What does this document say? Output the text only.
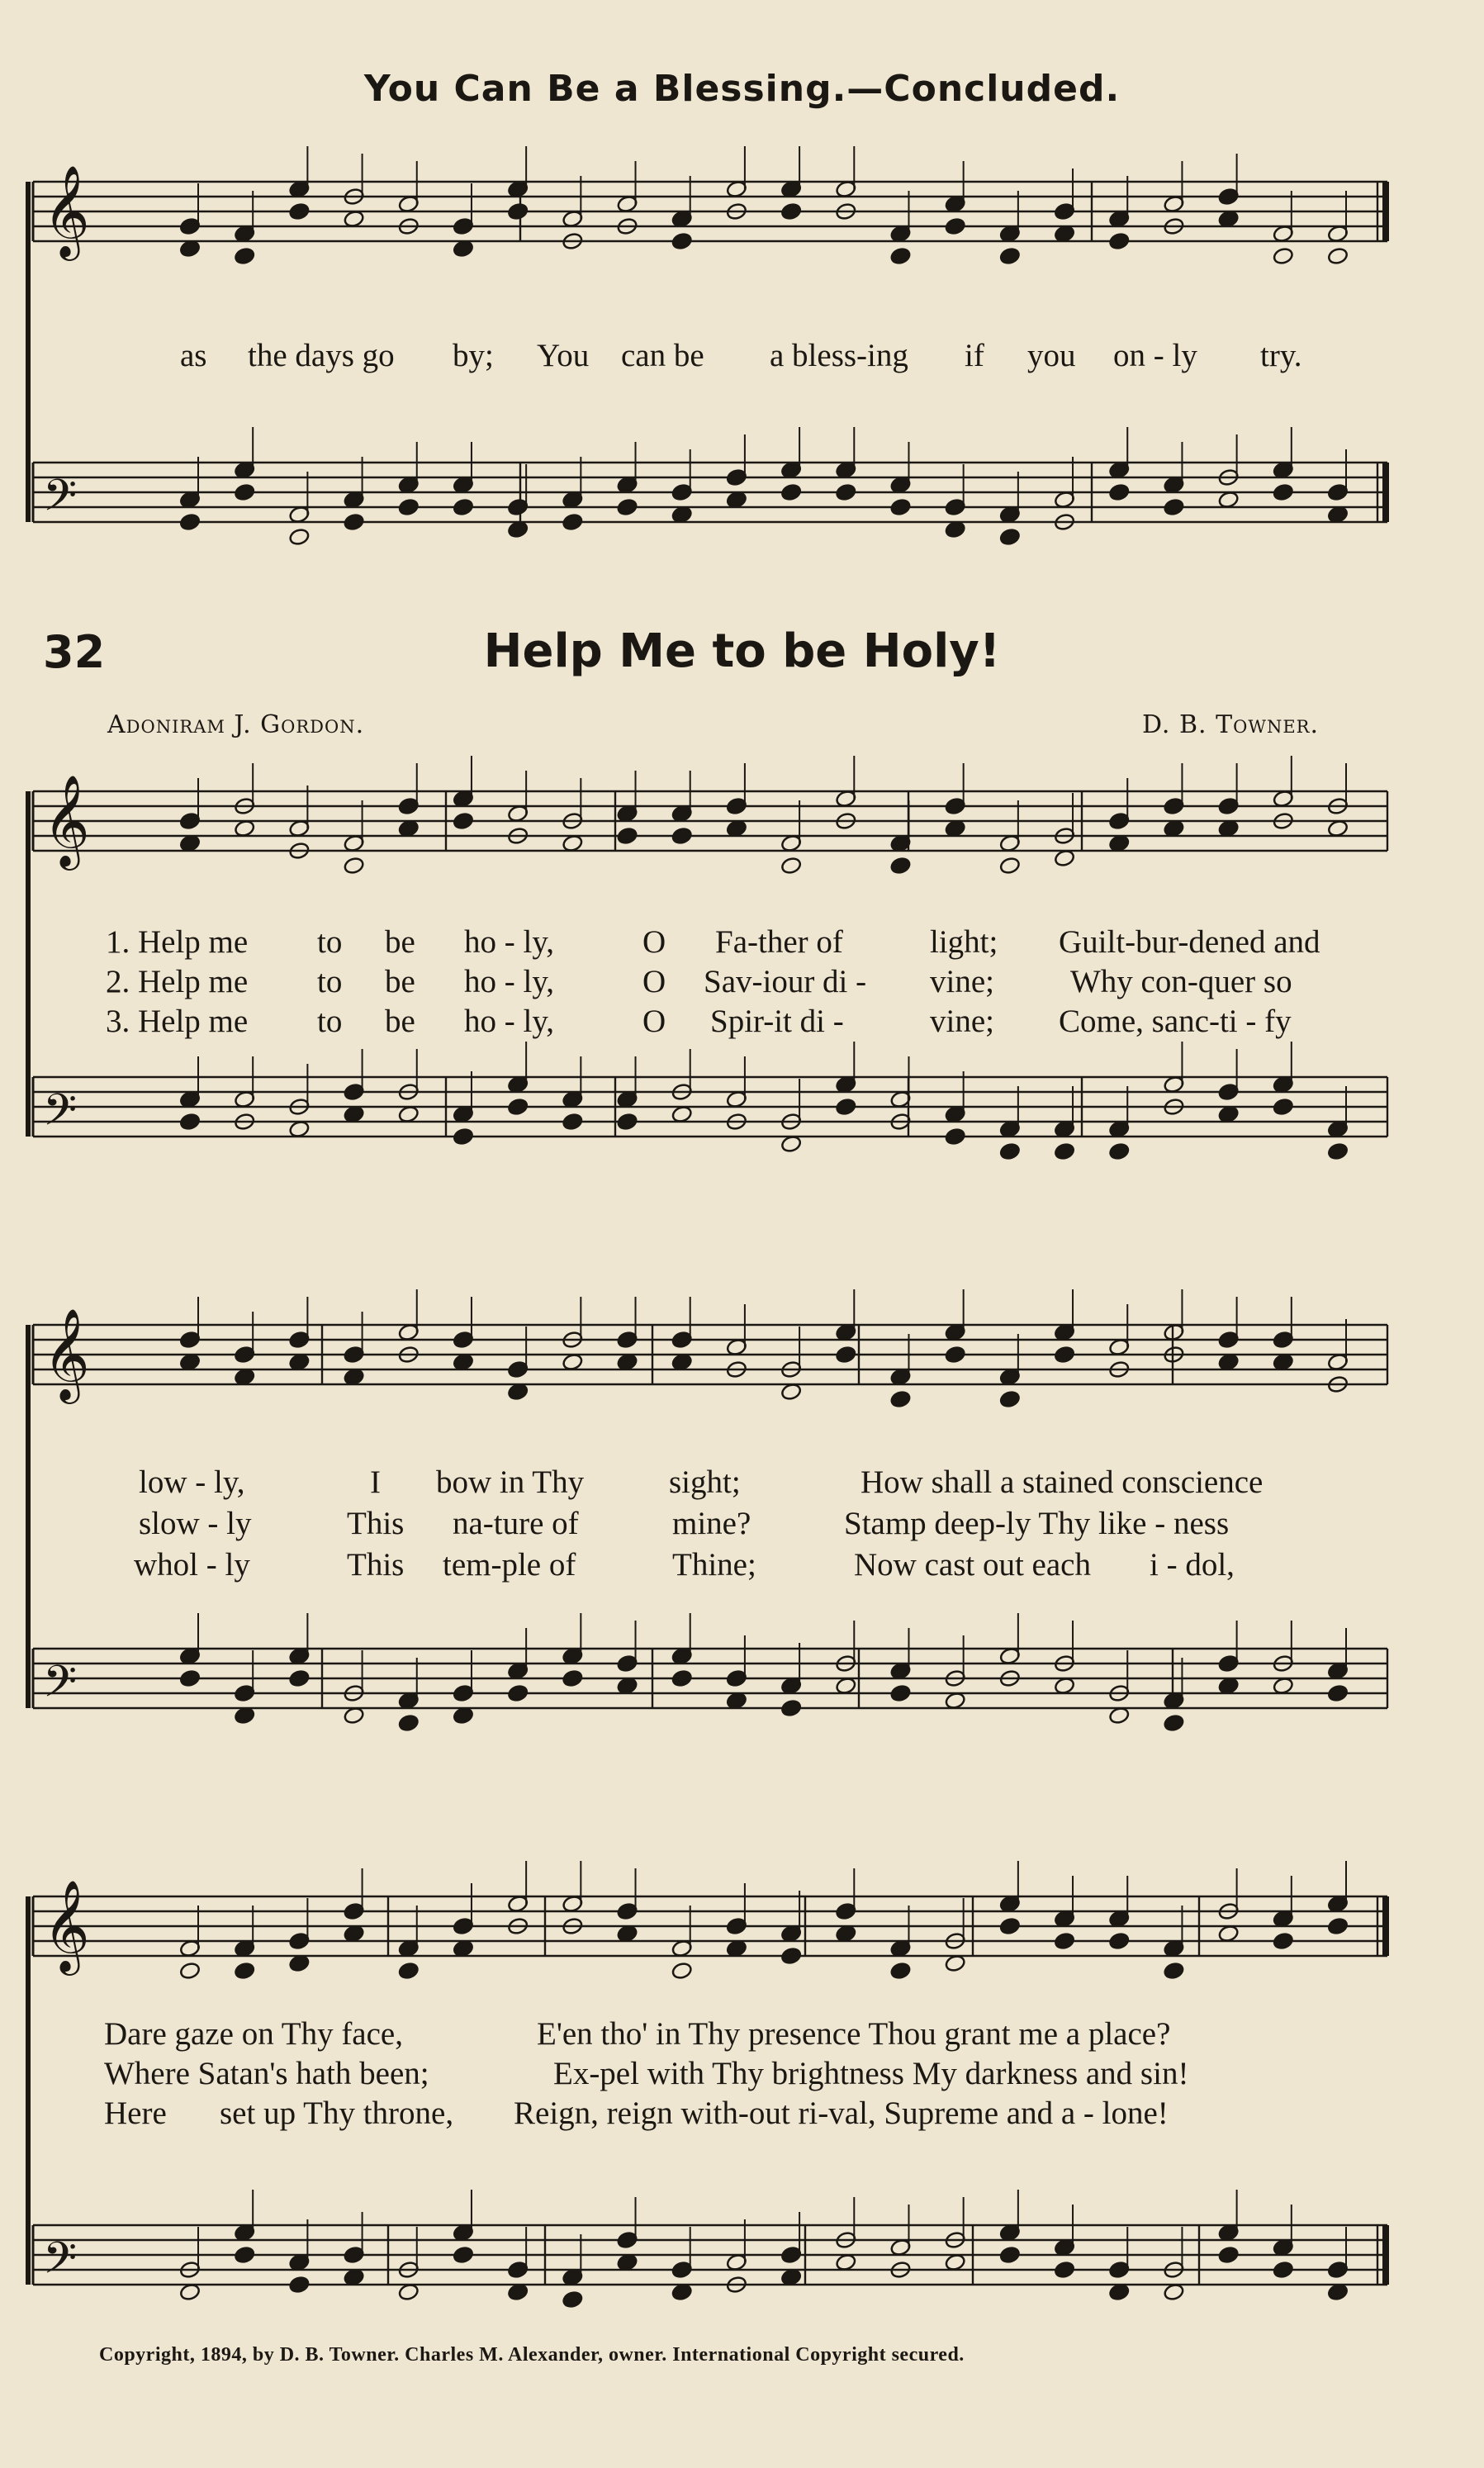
𝄞
𝄢
𝄞
𝄢
𝄞
𝄢
𝄞
𝄢
You Can Be a Blessing.—Concluded.
as the days go by; You can be a bless-ing if you on - ly try.
32	Help Me to be Holy!
Adoniram J. Gordon.	D. B. Towner.
1. Help me to be ho - ly,	O Fa-ther of	light; Guilt-bur-dened and
2. Help me to be ho - ly,	O Sav-iour di - vine; Why con-quer so
3. Help me to be ho - ly,	O Spir-it di -	vine; Come, sanc-ti - fy
low - ly,	I bow in Thy	sight;	How shall a stained conscience
slow - ly	This na-ture of	mine?	Stamp deep-ly Thy like - ness
whol - ly	This tem-ple of	Thine;	Now cast out each i - dol,
Dare gaze on Thy face,	E'en tho' in Thy presence Thou grant me a place?
Where Satan's hath been;	Ex-pel with Thy brightness My darkness and sin!
Here set up Thy throne, Reign, reign with-out ri-val, Supreme and a - lone!
Copyright, 1894, by D. B. Towner. Charles M. Alexander, owner. International Copyright secured.
